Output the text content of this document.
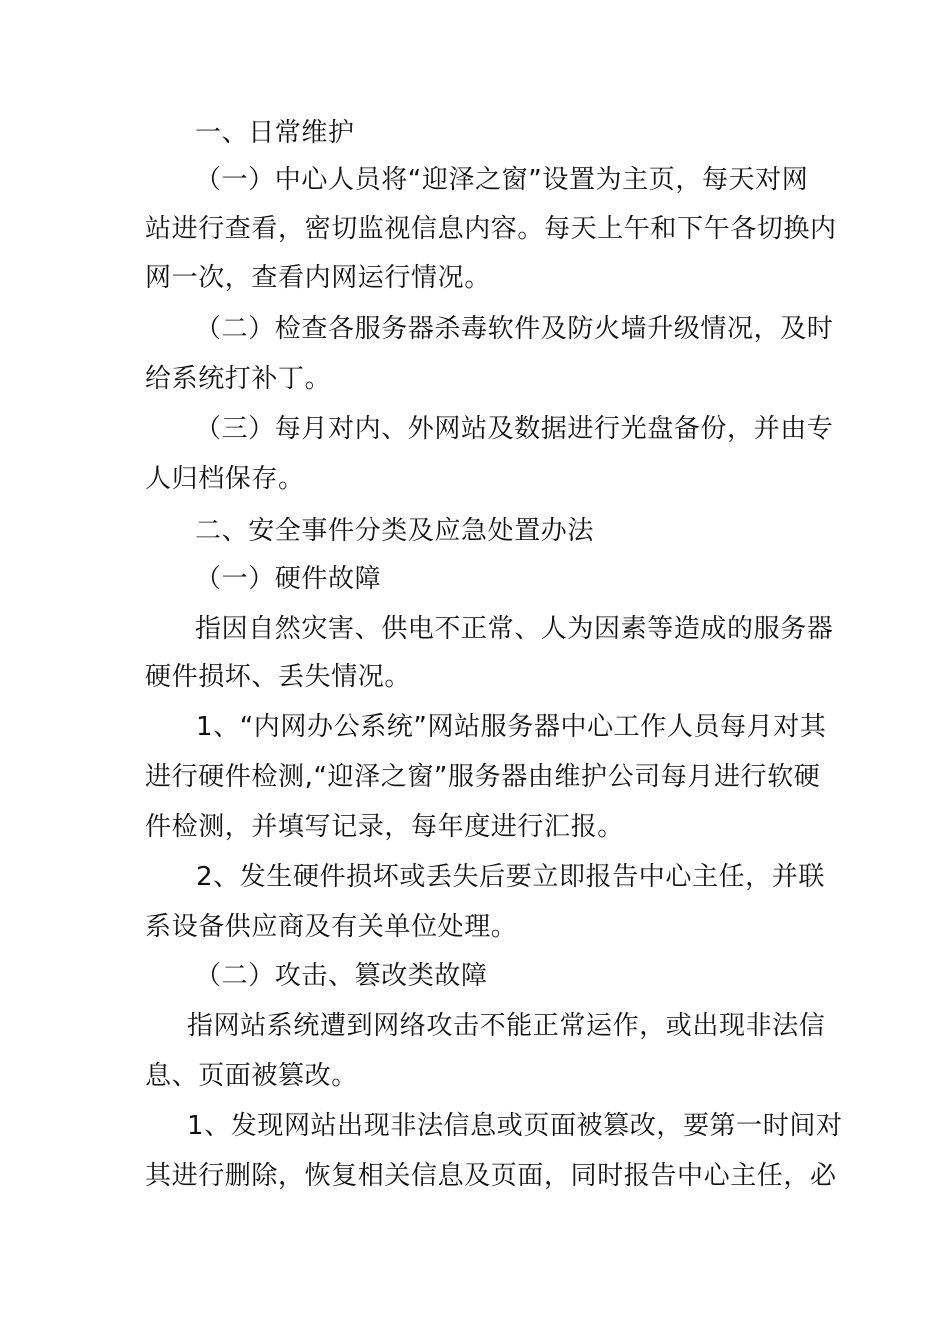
一、日常维护
（一）中心人员将“迎泽之窗”设置为主页，每天对网
站进行查看，密切监视信息内容。每天上午和下午各切换内
网一次，查看内网运行情况。
（二）检查各服务器杀毒软件及防火墙升级情况，及时
给系统打补丁。
（三）每月对内、外网站及数据进行光盘备份，并由专
人归档保存。
二、安全事件分类及应急处置办法
（一）硬件故障
指因自然灾害、供电不正常、人为因素等造成的服务器
硬件损坏、丢失情况。
1、“内网办公系统”网站服务器中心工作人员每月对其
进行硬件检测,“迎泽之窗”服务器由维护公司每月进行软硬
件检测，并填写记录，每年度进行汇报。
2、发生硬件损坏或丢失后要立即报告中心主任，并联
系设备供应商及有关单位处理。
（二）攻击、篡改类故障
指网站系统遭到网络攻击不能正常运作，或出现非法信
息、页面被篡改。
1、发现网站出现非法信息或页面被篡改，要第一时间对
其进行删除，恢复相关信息及页面，同时报告中心主任，必
